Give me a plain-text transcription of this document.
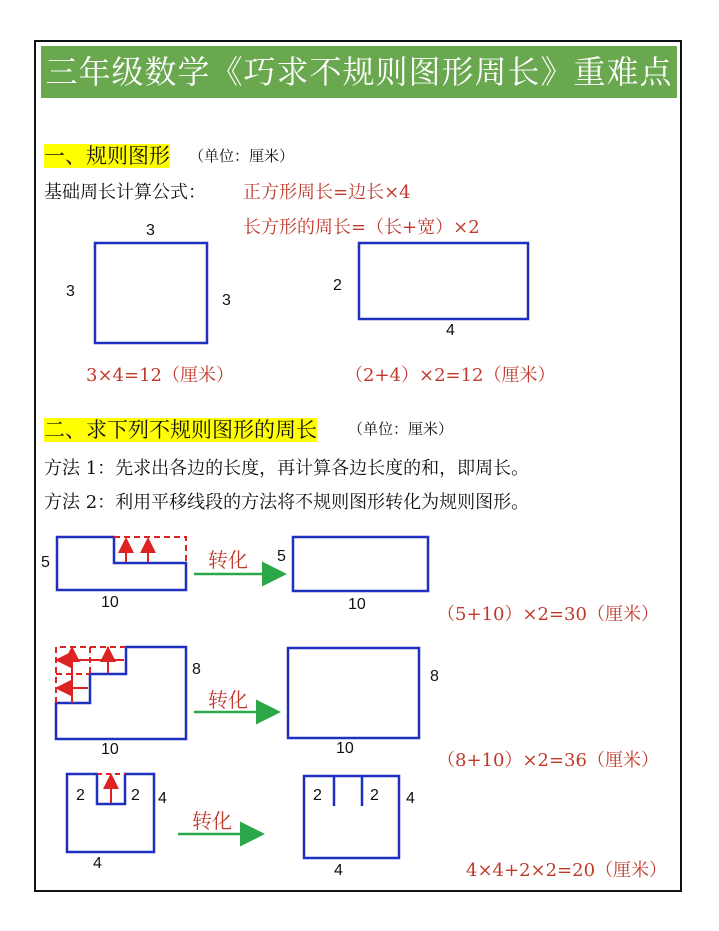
三年级数学《巧求不规则图形周长》重难点
一、规则图形 （单位：厘米）
基础周长计算公式： 正方形周长=边长×4
长方形的周长=（长+宽）×2
3
3
3
2
4
3×4=12（厘米）	（2+4）×2=12（厘米）
二、求下列不规则图形的周长 （单位：厘米）
方法 1：先求出各边的长度，再计算各边长度的和，即周长。
方法 2：利用平移线段的方法将不规则图形转化为规则图形。
5
10
转化 5
10	（5+10）×2=30（厘米）
8
10
转化
8
10
（8+10）×2=36（厘米）
2	2 4
4
转化
2	2 4
4	4×4+2×2=20（厘米）
